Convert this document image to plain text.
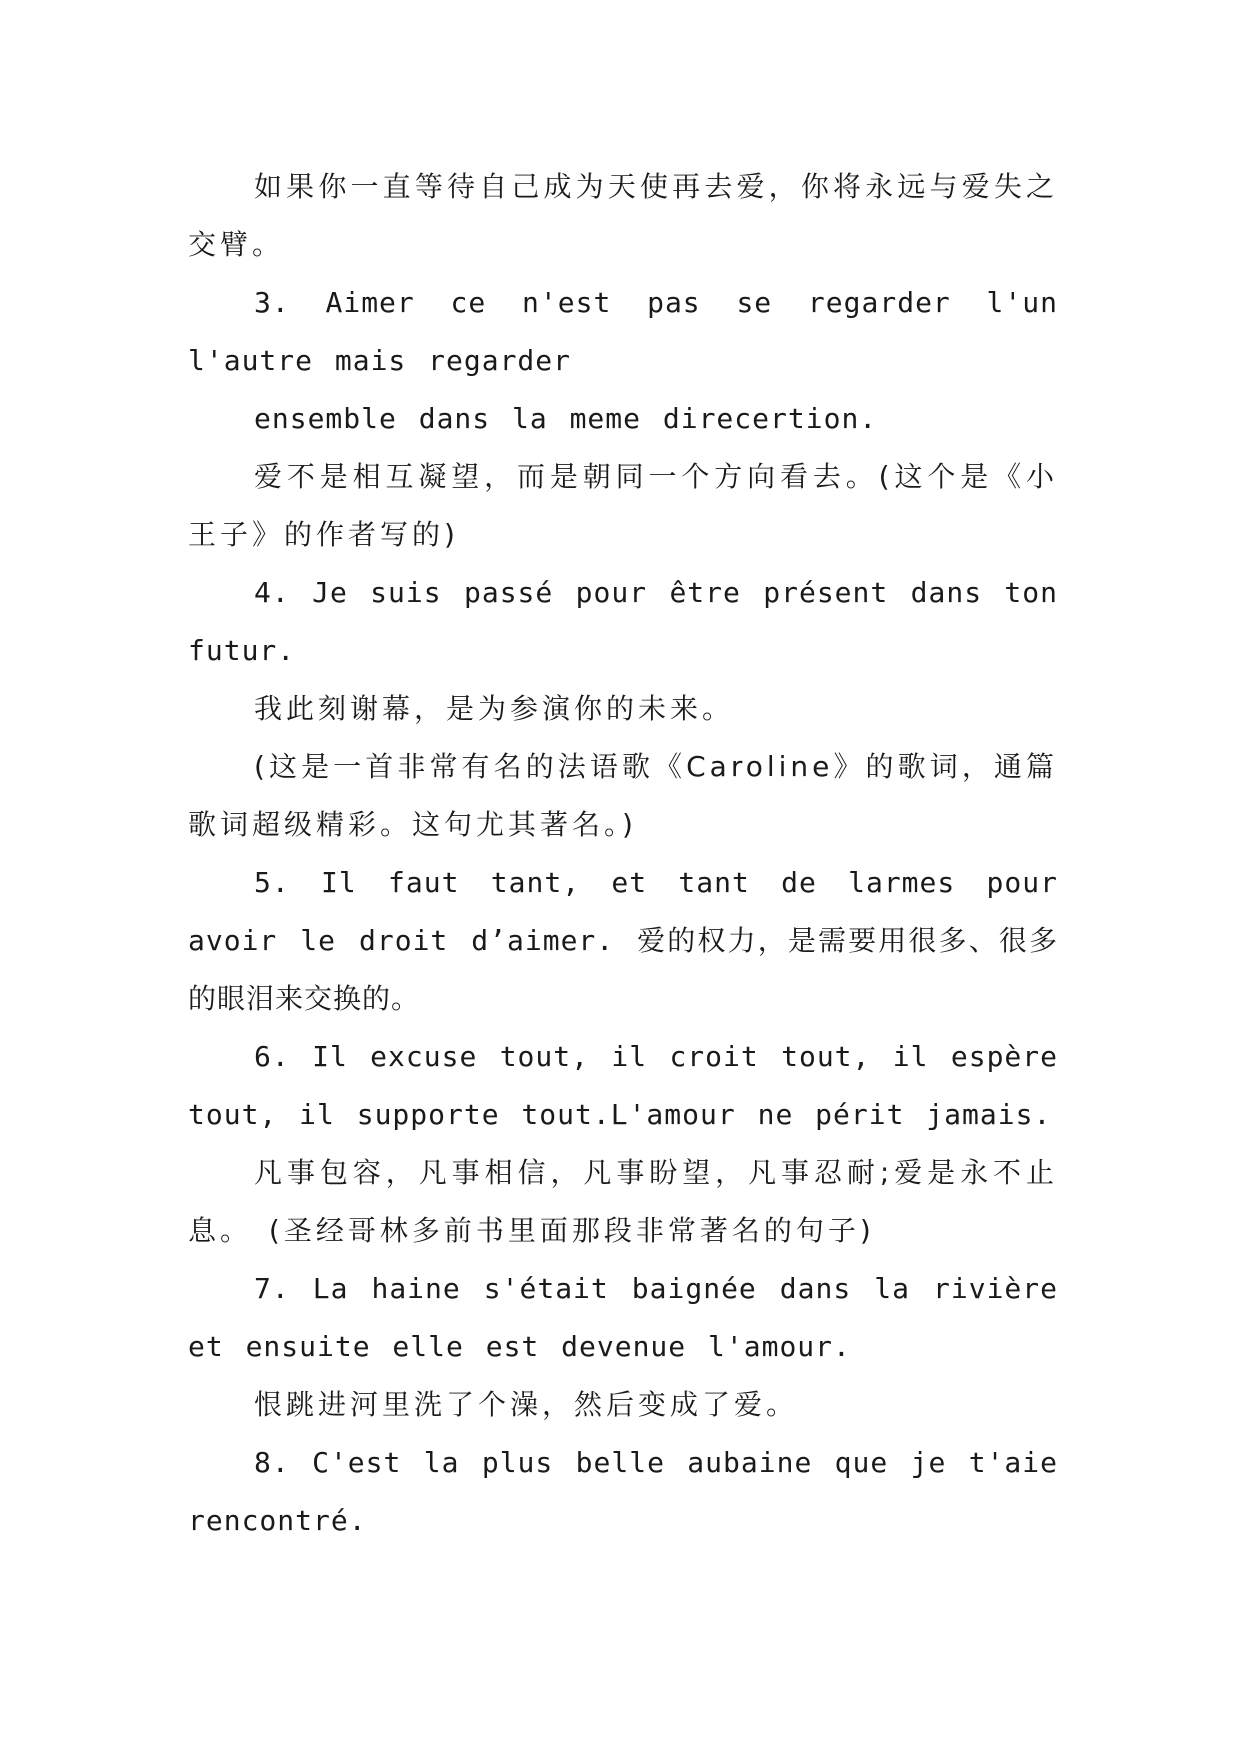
如果你一直等待自己成为天使再去爱，你将永远与爱失之交臂。

3. Aimer ce n'est pas se regarder l'un l'autre mais regarder

ensemble dans la meme direcertion.

爱不是相互凝望，而是朝同一个方向看去。(这个是《小王子》的作者写的)

4. Je suis passé pour être présent dans ton futur.

我此刻谢幕，是为参演你的未来。

(这是一首非常有名的法语歌《Caroline》的歌词，通篇歌词超级精彩。这句尤其著名。)

5. Il faut tant, et tant de larmes pour avoir le droit d’aimer. 爱的权力，是需要用很多、很多的眼泪来交换的。

6. Il excuse tout, il croit tout, il espère tout, il supporte tout.L'amour ne périt jamais.

凡事包容，凡事相信，凡事盼望，凡事忍耐;爱是永不止息。 (圣经哥林多前书里面那段非常著名的句子)

7. La haine s'était baignée dans la rivière et ensuite elle est devenue l'amour.

恨跳进河里洗了个澡，然后变成了爱。

8. C'est la plus belle aubaine que je t'aie rencontré.
